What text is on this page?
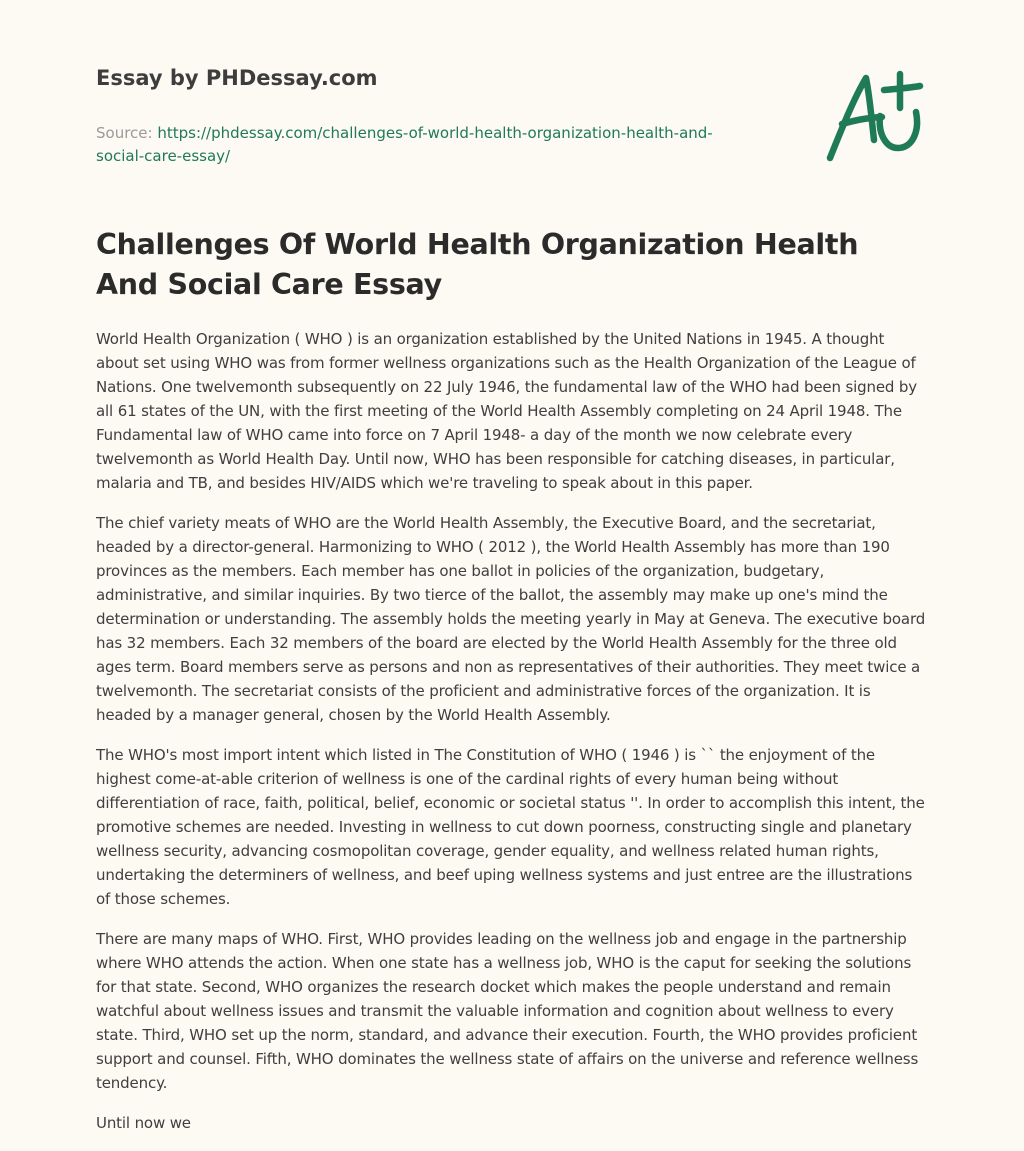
Essay by PHDessay.com
Source: https://phdessay.com/challenges-of-world-health-organization-health-and-social-care-essay/
Challenges Of World Health Organization Health And Social Care Essay

World Health Organization ( WHO ) is an organization established by the United Nations in 1945. A thought about set using WHO was from former wellness organizations such as the Health Organization of the League of Nations. One twelvemonth subsequently on 22 July 1946, the fundamental law of the WHO had been signed by all 61 states of the UN, with the first meeting of the World Health Assembly completing on 24 April 1948. The Fundamental law of WHO came into force on 7 April 1948- a day of the month we now celebrate every twelvemonth as World Health Day. Until now, WHO has been responsible for catching diseases, in particular, malaria and TB, and besides HIV/AIDS which we're traveling to speak about in this paper.

The chief variety meats of WHO are the World Health Assembly, the Executive Board, and the secretariat, headed by a director-general. Harmonizing to WHO ( 2012 ), the World Health Assembly has more than 190 provinces as the members. Each member has one ballot in policies of the organization, budgetary, administrative, and similar inquiries. By two tierce of the ballot, the assembly may make up one's mind the determination or understanding. The assembly holds the meeting yearly in May at Geneva. The executive board has 32 members. Each 32 members of the board are elected by the World Health Assembly for the three old ages term. Board members serve as persons and non as representatives of their authorities. They meet twice a twelvemonth. The secretariat consists of the proficient and administrative forces of the organization. It is headed by a manager general, chosen by the World Health Assembly.

The WHO's most import intent which listed in The Constitution of WHO ( 1946 ) is `` the enjoyment of the highest come-at-able criterion of wellness is one of the cardinal rights of every human being without differentiation of race, faith, political, belief, economic or societal status ''. In order to accomplish this intent, the promotive schemes are needed. Investing in wellness to cut down poorness, constructing single and planetary wellness security, advancing cosmopolitan coverage, gender equality, and wellness related human rights, undertaking the determiners of wellness, and beef uping wellness systems and just entree are the illustrations of those schemes.

There are many maps of WHO. First, WHO provides leading on the wellness job and engage in the partnership where WHO attends the action. When one state has a wellness job, WHO is the caput for seeking the solutions for that state. Second, WHO organizes the research docket which makes the people understand and remain watchful about wellness issues and transmit the valuable information and cognition about wellness to every state. Third, WHO set up the norm, standard, and advance their execution. Fourth, the WHO provides proficient support and counsel. Fifth, WHO dominates the wellness state of affairs on the universe and reference wellness tendency.

Until now we
